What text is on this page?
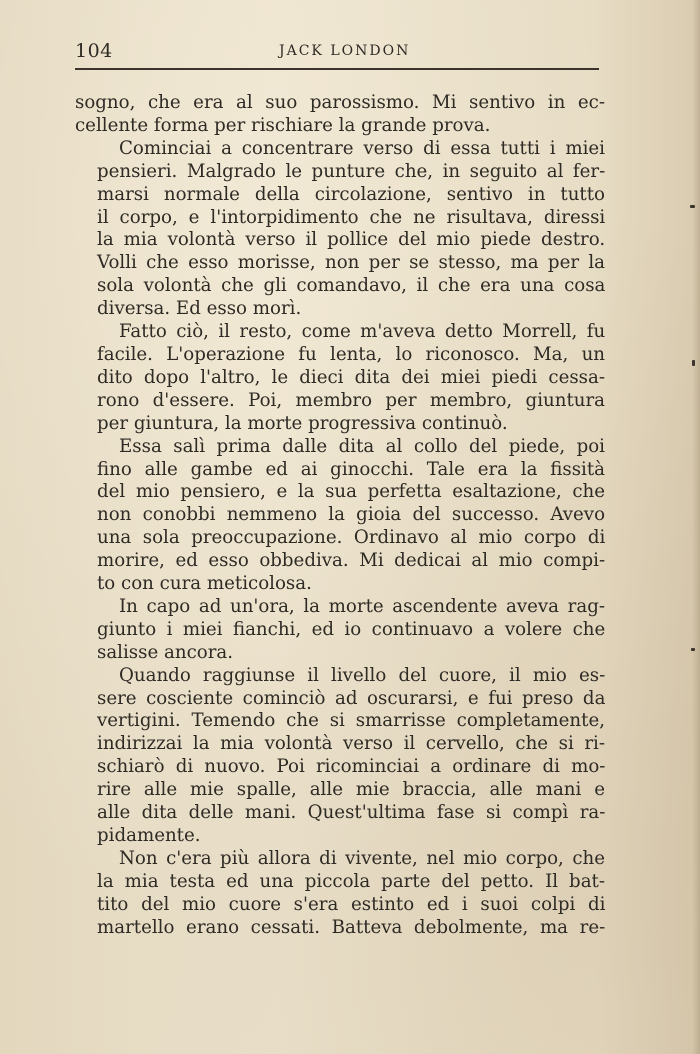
104	JACK LONDON

sogno, che era al suo parossismo. Mi sentivo in ec-
cellente forma per rischiare la grande prova.

Cominciai a concentrare verso di essa tutti i miei
pensieri. Malgrado le punture che, in seguito al fer-
marsi normale della circolazione, sentivo in tutto
il corpo, e l'intorpidimento che ne risultava, diressi
la mia volontà verso il pollice del mio piede destro.
Volli che esso morisse, non per se stesso, ma per la
sola volontà che gli comandavo, il che era una cosa
diversa. Ed esso morì.

Fatto ciò, il resto, come m'aveva detto Morrell, fu
facile. L'operazione fu lenta, lo riconosco. Ma, un
dito dopo l'altro, le dieci dita dei miei piedi cessa-
rono d'essere. Poi, membro per membro, giuntura
per giuntura, la morte progressiva continuò.

Essa salì prima dalle dita al collo del piede, poi
fino alle gambe ed ai ginocchi. Tale era la fissità
del mio pensiero, e la sua perfetta esaltazione, che
non conobbi nemmeno la gioia del successo. Avevo
una sola preoccupazione. Ordinavo al mio corpo di
morire, ed esso obbediva. Mi dedicai al mio compi-
to con cura meticolosa.

In capo ad un'ora, la morte ascendente aveva rag-
giunto i miei fianchi, ed io continuavo a volere che
salisse ancora.

Quando raggiunse il livello del cuore, il mio es-
sere cosciente cominciò ad oscurarsi, e fui preso da
vertigini. Temendo che si smarrisse completamente,
indirizzai la mia volontà verso il cervello, che si ri-
schiarò di nuovo. Poi ricominciai a ordinare di mo-
rire alle mie spalle, alle mie braccia, alle mani e
alle dita delle mani. Quest'ultima fase si compì ra-
pidamente.

Non c'era più allora di vivente, nel mio corpo, che
la mia testa ed una piccola parte del petto. Il bat-
tito del mio cuore s'era estinto ed i suoi colpi di
martello erano cessati. Batteva debolmente, ma re-
